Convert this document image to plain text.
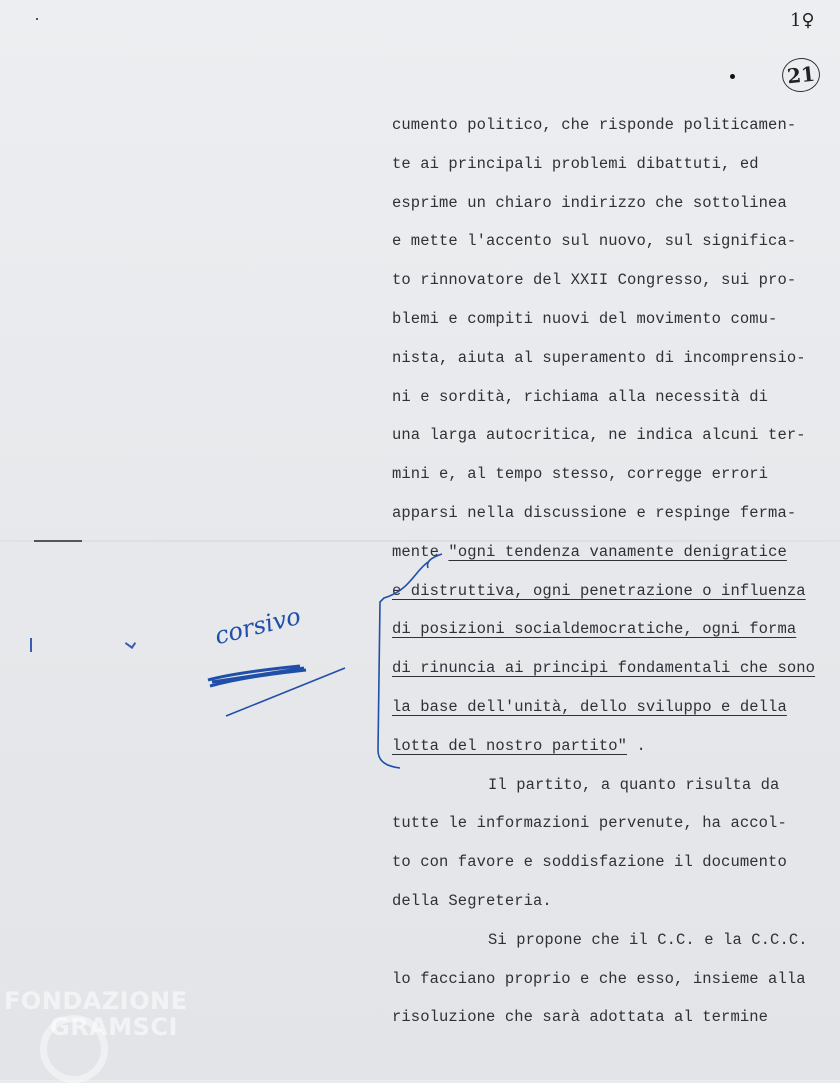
1♀
21
cumento politico, che risponde politicamen-
te ai principali problemi dibattuti, ed
esprime un chiaro indirizzo che sottolinea
e mette l'accento sul nuovo, sul significa-
to rinnovatore del XXII Congresso, sui pro-
blemi e compiti nuovi del movimento comu-
nista, aiuta al superamento di incomprensio-
ni e sordità, richiama alla necessità di
una larga autocritica, ne indica alcuni ter-
mini e, al tempo stesso, corregge errori
apparsi nella discussione e respinge ferma-
mente "ogni tendenza vanamente denigratice
e distruttiva, ogni penetrazione o influenza
di posizioni socialdemocratiche, ogni forma
di rinuncia ai principi fondamentali che sono
la base dell'unità, dello sviluppo e della
lotta del nostro partito" .
Il partito, a quanto risulta da
tutte le informazioni pervenute, ha accol-
to con favore e soddisfazione il documento
della Segreteria.
Si propone che il C.C. e la C.C.C.
lo facciano proprio e che esso, insieme alla
risoluzione che sarà adottata al termine
corsivo
FONDAZIONE
GRAMSCI
